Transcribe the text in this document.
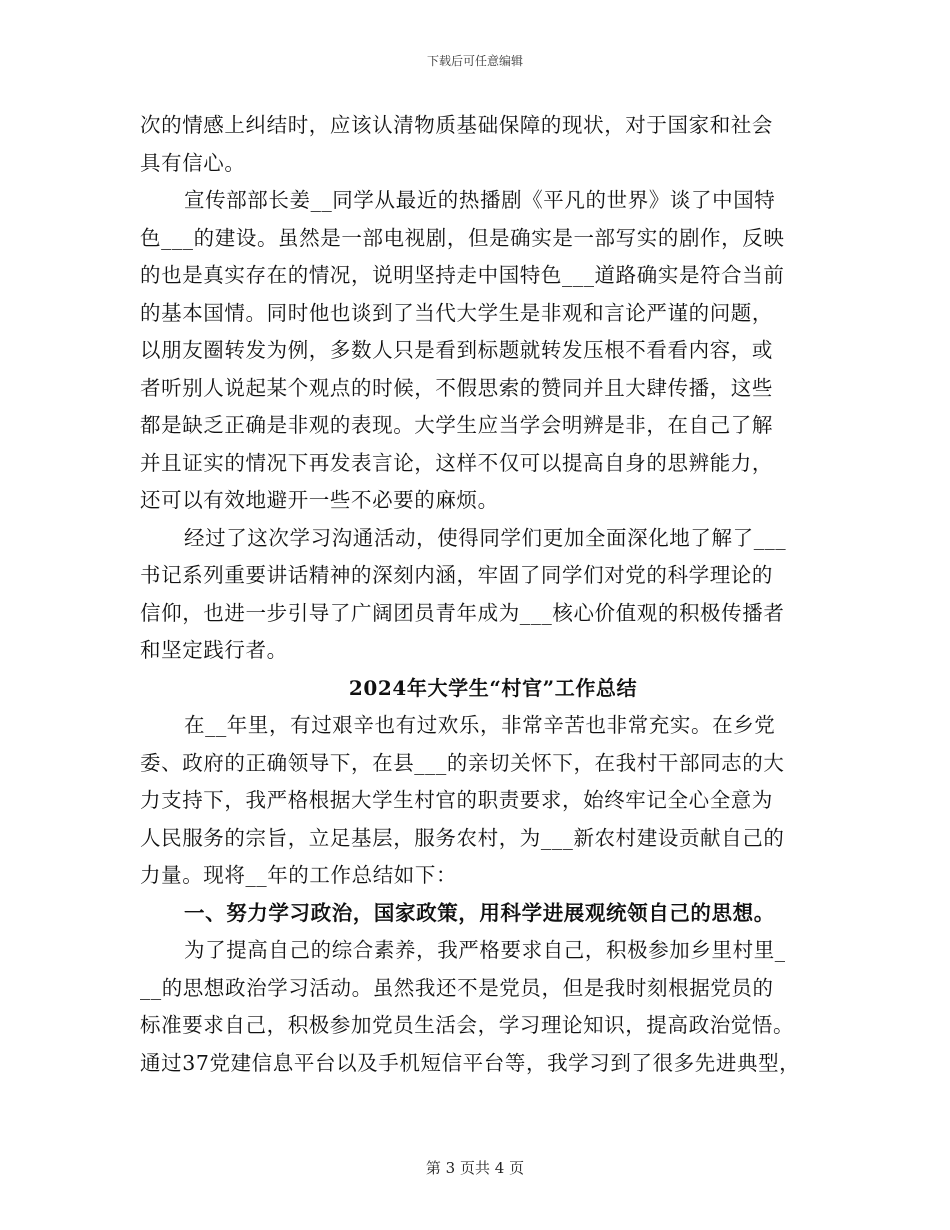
下载后可任意编辑
次的情感上纠结时，应该认清物质基础保障的现状，对于国家和社会
具有信心。
宣传部部长姜__同学从最近的热播剧《平凡的世界》谈了中国特
色___的建设。虽然是一部电视剧，但是确实是一部写实的剧作，反映
的也是真实存在的情况，说明坚持走中国特色___道路确实是符合当前
的基本国情。同时他也谈到了当代大学生是非观和言论严谨的问题，
以朋友圈转发为例，多数人只是看到标题就转发压根不看看内容，或
者听别人说起某个观点的时候，不假思索的赞同并且大肆传播，这些
都是缺乏正确是非观的表现。大学生应当学会明辨是非，在自己了解
并且证实的情况下再发表言论，这样不仅可以提高自身的思辨能力，
还可以有效地避开一些不必要的麻烦。
经过了这次学习沟通活动，使得同学们更加全面深化地了解了___
书记系列重要讲话精神的深刻内涵，牢固了同学们对党的科学理论的
信仰，也进一步引导了广阔团员青年成为___核心价值观的积极传播者
和坚定践行者。
2024年大学生“村官”工作总结
在__年里，有过艰辛也有过欢乐，非常辛苦也非常充实。在乡党
委、政府的正确领导下，在县___的亲切关怀下，在我村干部同志的大
力支持下，我严格根据大学生村官的职责要求，始终牢记全心全意为
人民服务的宗旨，立足基层，服务农村，为___新农村建设贡献自己的
力量。现将__年的工作总结如下：
一、努力学习政治，国家政策，用科学进展观统领自己的思想。
为了提高自己的综合素养，我严格要求自己，积极参加乡里村里_
__的思想政治学习活动。虽然我还不是党员，但是我时刻根据党员的
标准要求自己，积极参加党员生活会，学习理论知识，提高政治觉悟。
通过37党建信息平台以及手机短信平台等，我学习到了很多先进典型，
第 3 页共 4 页
